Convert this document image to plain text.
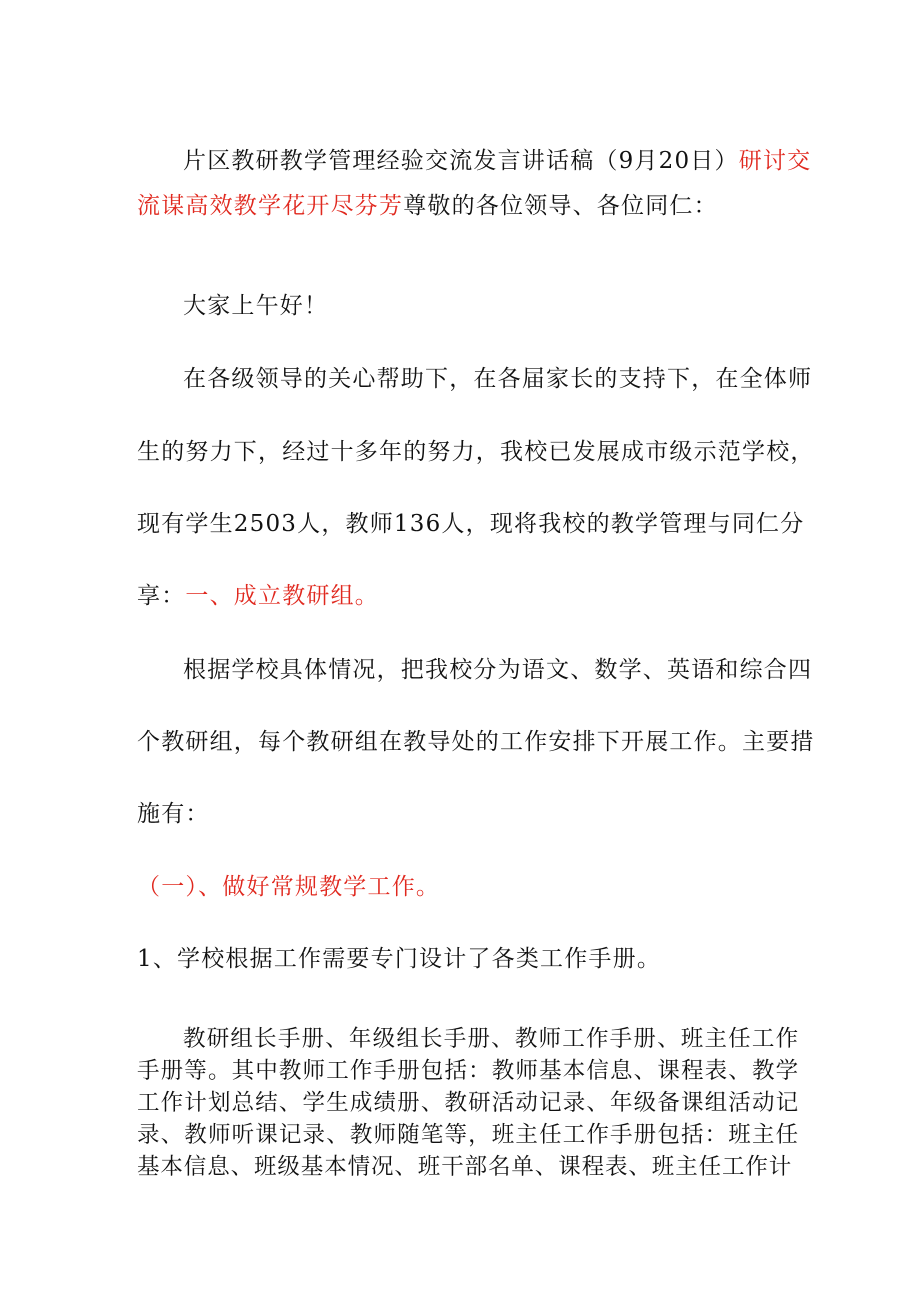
片区教研教学管理经验交流发言讲话稿（9月20日）研讨交
流谋高效教学花开尽芬芳尊敬的各位领导、各位同仁：
大家上午好！
在各级领导的关心帮助下，在各届家长的支持下，在全体师
生的努力下，经过十多年的努力，我校已发展成市级示范学校，
现有学生2503人，教师136人，现将我校的教学管理与同仁分
享：一、成立教研组。
根据学校具体情况，把我校分为语文、数学、英语和综合四
个教研组，每个教研组在教导处的工作安排下开展工作。主要措
施有：
（一）、做好常规教学工作。
1、学校根据工作需要专门设计了各类工作手册。
教研组长手册、年级组长手册、教师工作手册、班主任工作手册等。其中教师工作手册包括：教师基本信息、课程表、教学工作计划总结、学生成绩册、教研活动记录、年级备课组活动记录、教师听课记录、教师随笔等，班主任工作手册包括：班主任基本信息、班级基本情况、班干部名单、课程表、班主任工作计
